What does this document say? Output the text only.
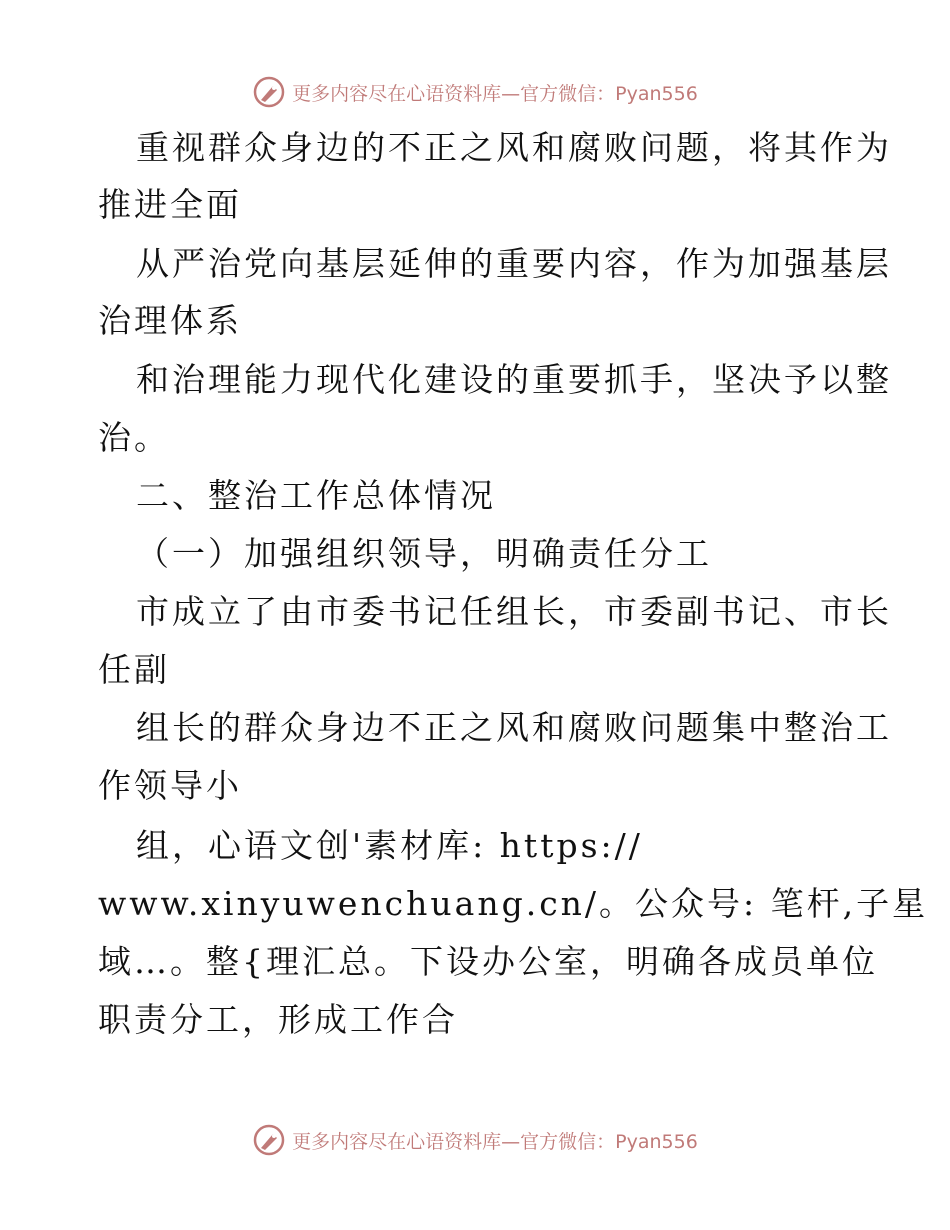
更多内容尽在心语资料库—官方微信：Pyan556
重视群众身边的不正之风和腐败问题，将其作为
推进全面
从严治党向基层延伸的重要内容，作为加强基层
治理体系
和治理能力现代化建设的重要抓手，坚决予以整
治。
二、整治工作总体情况
（一）加强组织领导，明确责任分工
市成立了由市委书记任组长，市委副书记、市长
任副
组长的群众身边不正之风和腐败问题集中整治工
作领导小
组，心语文创'素材库: https://
www.xinyuwenchuang.cn/。公众号: 笔杆,子星
域…。整{理汇总。下设办公室，明确各成员单位
职责分工，形成工作合
更多内容尽在心语资料库—官方微信：Pyan556
